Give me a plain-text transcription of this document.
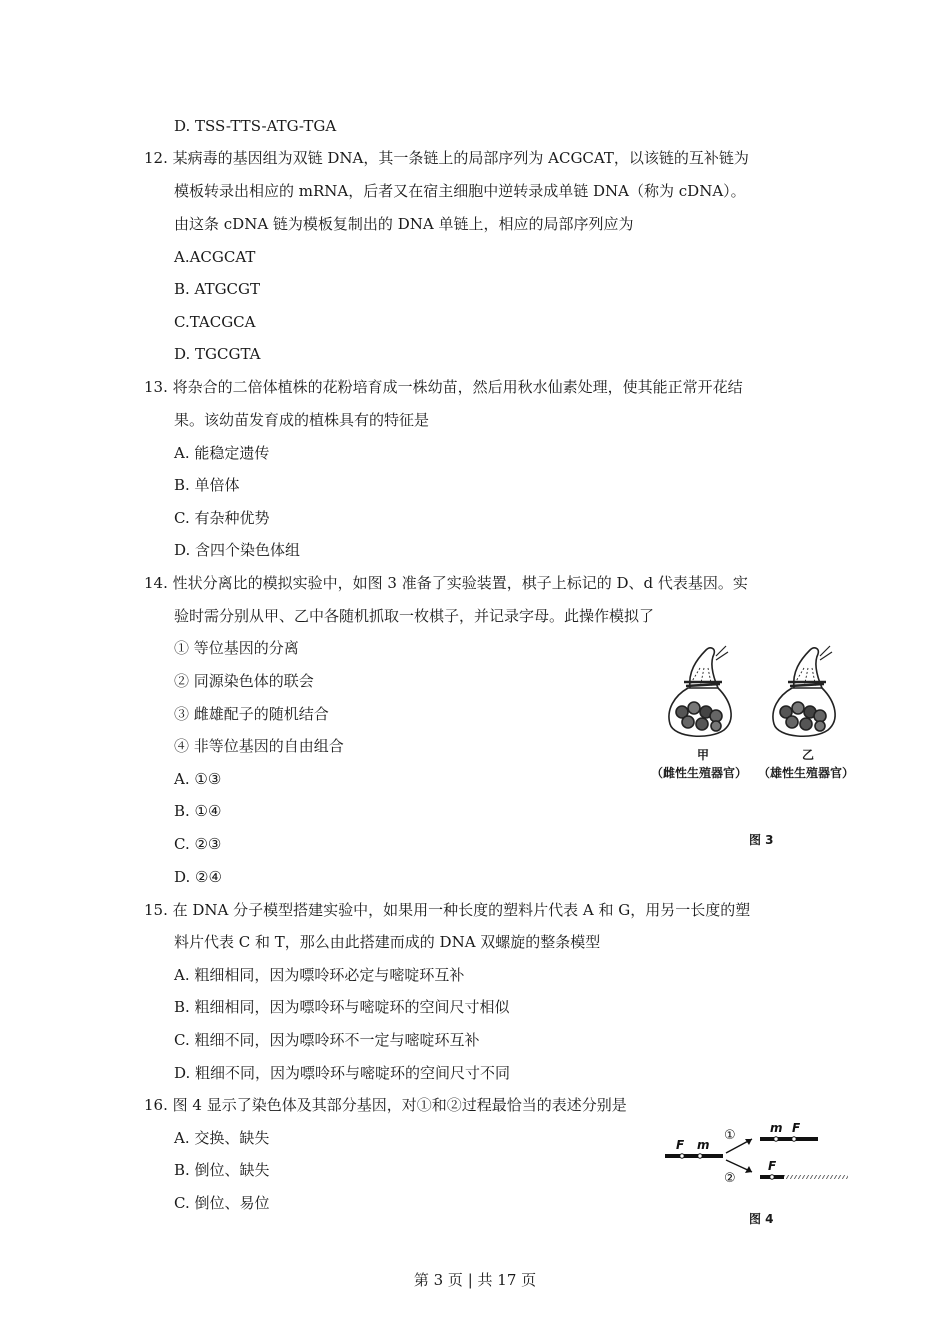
D. TSS-TTS-ATG-TGA
12. 某病毒的基因组为双链 DNA，其一条链上的局部序列为 ACGCAT，以该链的互补链为
模板转录出相应的 mRNA，后者又在宿主细胞中逆转录成单链 DNA（称为 cDNA）。
由这条 cDNA 链为模板复制出的 DNA 单链上，相应的局部序列应为
A.ACGCAT
B. ATGCGT
C.TACGCA
D. TGCGTA
13. 将杂合的二倍体植株的花粉培育成一株幼苗，然后用秋水仙素处理，使其能正常开花结
果。该幼苗发育成的植株具有的特征是
A. 能稳定遗传
B. 单倍体
C. 有杂种优势
D. 含四个染色体组
14. 性状分离比的模拟实验中，如图 3 准备了实验装置，棋子上标记的 D、d 代表基因。实
验时需分别从甲、乙中各随机抓取一枚棋子，并记录字母。此操作模拟了
① 等位基因的分离
② 同源染色体的联会
③ 雌雄配子的随机结合
④ 非等位基因的自由组合
A. ①③
B. ①④
C. ②③
D. ②④
甲
（雌性生殖器官）
乙
（雄性生殖器官）
图 3
15. 在 DNA 分子模型搭建实验中，如果用一种长度的塑料片代表 A 和 G，用另一长度的塑
料片代表 C 和 T，那么由此搭建而成的 DNA 双螺旋的整条模型
A. 粗细相同，因为嘌呤环必定与嘧啶环互补
B. 粗细相同，因为嘌呤环与嘧啶环的空间尺寸相似
C. 粗细不同，因为嘌呤环不一定与嘧啶环互补
D. 粗细不同，因为嘌呤环与嘧啶环的空间尺寸不同
16. 图 4 显示了染色体及其部分基因，对①和②过程最恰当的表述分别是
A. 交换、缺失
B. 倒位、缺失
C. 倒位、易位
F m
①
②
m F
F
图 4
第 3 页 | 共 17 页
